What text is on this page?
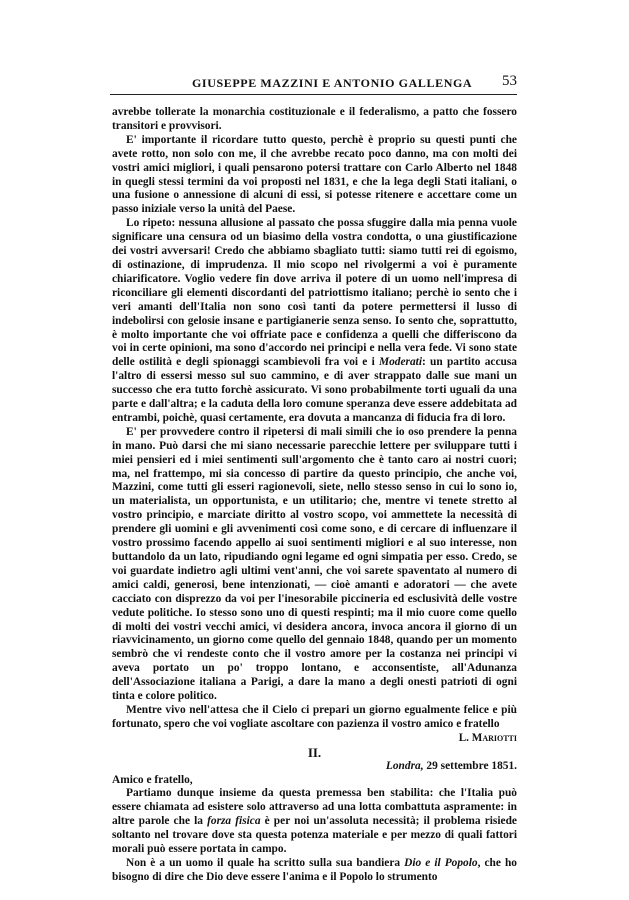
GIUSEPPE MAZZINI E ANTONIO GALLENGA 53

avrebbe tollerate la monarchia costituzionale e il federalismo, a patto che fossero transitori e provvisori.

E' importante il ricordare tutto questo, perchè è proprio su questi punti che avete rotto, non solo con me, il che avrebbe recato poco danno, ma con molti dei vostri amici migliori, i quali pensarono potersi trattare con Carlo Alberto nel 1848 in quegli stessi termini da voi proposti nel 1831, e che la lega degli Stati italiani, o una fusione o annessione di alcuni di essi, si potesse ritenere e accettare come un passo iniziale verso la unità del Paese.

Lo ripeto: nessuna allusione al passato che possa sfuggire dalla mia penna vuole significare una censura od un biasimo della vostra condotta, o una giustificazione dei vostri avversari! Credo che abbiamo sbagliato tutti: siamo tutti rei di egoismo, di ostinazione, di imprudenza. Il mio scopo nel rivolgermi a voi è puramente chiarificatore. Voglio vedere fin dove arriva il potere di un uomo nell'impresa di riconciliare gli elementi discordanti del patriottismo italiano; perchè io sento che i veri amanti dell'Italia non sono così tanti da potere permettersi il lusso di indebolirsi con gelosie insane e partigianerie senza senso. Io sento che, soprattutto, è molto importante che voi offriate pace e confidenza a quelli che differiscono da voi in certe opinioni, ma sono d'accordo nei principi e nella vera fede. Vi sono state delle ostilità e degli spionaggi scambievoli fra voi e i Moderati: un partito accusa l'altro di essersi messo sul suo cammino, e di aver strappato dalle sue mani un successo che era tutto forchè assicurato. Vi sono probabilmente torti uguali da una parte e dall'altra; e la caduta della loro comune speranza deve essere addebitata ad entrambi, poichè, quasi certamente, era dovuta a mancanza di fiducia fra di loro.

E' per provvedere contro il ripetersi di mali simili che io oso prendere la penna in mano. Può darsi che mi siano necessarie parecchie lettere per sviluppare tutti i miei pensieri ed i miei sentimenti sull'argomento che è tanto caro ai nostri cuori; ma, nel frattempo, mi sia concesso di partire da questo principio, che anche voi, Mazzini, come tutti gli esseri ragionevoli, siete, nello stesso senso in cui lo sono io, un materialista, un opportunista, e un utilitario; che, mentre vi tenete stretto al vostro principio, e marciate diritto al vostro scopo, voi ammettete la necessità di prendere gli uomini e gli avvenimenti così come sono, e di cercare di influenzare il vostro prossimo facendo appello ai suoi sentimenti migliori e al suo interesse, non buttandolo da un lato, ripudiando ogni legame ed ogni simpatia per esso. Credo, se voi guardate indietro agli ultimi vent'anni, che voi sarete spaventato al numero di amici caldi, generosi, bene intenzionati, — cioè amanti e adoratori — che avete cacciato con disprezzo da voi per l'inesorabile piccineria ed esclusività delle vostre vedute politiche. Io stesso sono uno di questi respinti; ma il mio cuore come quello di molti dei vostri vecchi amici, vi desidera ancora, invoca ancora il giorno di un riavvicinamento, un giorno come quello del gennaio 1848, quando per un momento sembrò che vi rendeste conto che il vostro amore per la costanza nei principi vi aveva portato un po' troppo lontano, e acconsentiste, all'Adunanza dell'Associazione italiana a Parigi, a dare la mano a degli onesti patrioti di ogni tinta e colore politico.

Mentre vivo nell'attesa che il Cielo ci prepari un giorno egualmente felice e più fortunato, spero che voi vogliate ascoltare con pazienza il vostro amico e fratello

L. Mariotti

II.

Londra, 29 settembre 1851.

Amico e fratello,

Partiamo dunque insieme da questa premessa ben stabilita: che l'Italia può essere chiamata ad esistere solo attraverso ad una lotta combattuta aspramente: in altre parole che la forza fisica è per noi un'assoluta necessità; il problema risiede soltanto nel trovare dove sta questa potenza materiale e per mezzo di quali fattori morali può essere portata in campo.

Non è a un uomo il quale ha scritto sulla sua bandiera Dio e il Popolo, che ho bisogno di dire che Dio deve essere l'anima e il Popolo lo strumento
